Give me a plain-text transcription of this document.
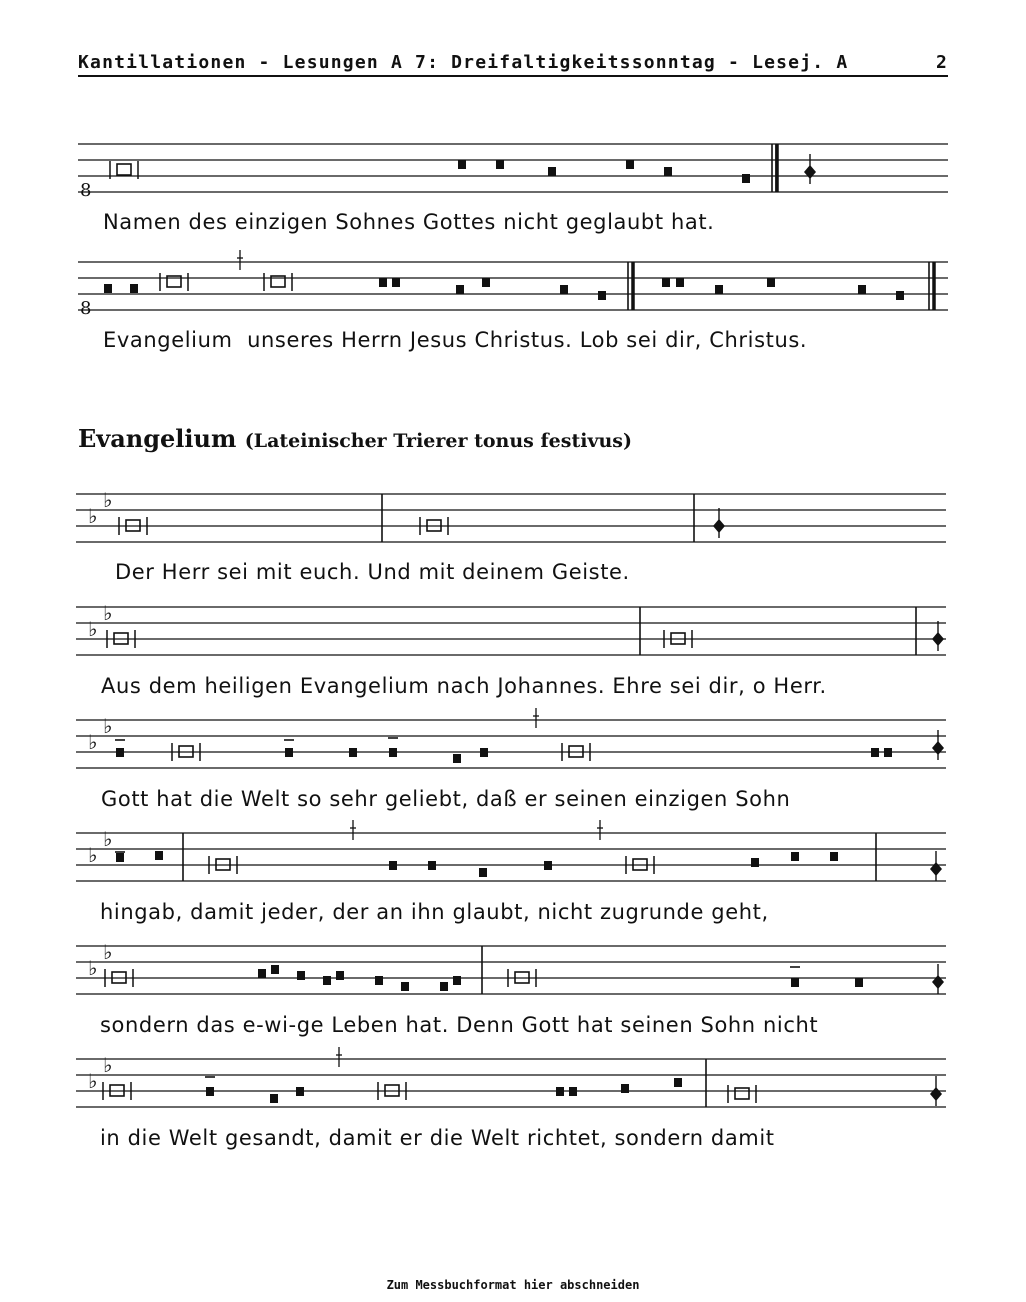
Kantillationen - Lesungen A 7: Dreifaltigkeitssonntag - Lesej. A	2
Evangelium (Lateinischer Trierer tonus festivus)
8
8
♭
♭
♭
♭
♭
♭
♭
♭
♭
♭
♭
♭
Namen des einzigen Sohnes Gottes nicht geglaubt hat.
Evangelium  unseres Herrn Jesus Christus. Lob sei dir, Christus.
Der Herr sei mit euch. Und mit deinem Geiste.
Aus dem heiligen Evangelium nach Johannes. Ehre sei dir, o Herr.
Gott hat die Welt so sehr geliebt, daß er seinen einzigen Sohn
hingab, damit jeder, der an ihn glaubt, nicht zugrunde geht,
sondern das e-wi-ge Leben hat. Denn Gott hat seinen Sohn nicht
in die Welt gesandt, damit er die Welt richtet, sondern damit
Zum Messbuchformat hier abschneiden
